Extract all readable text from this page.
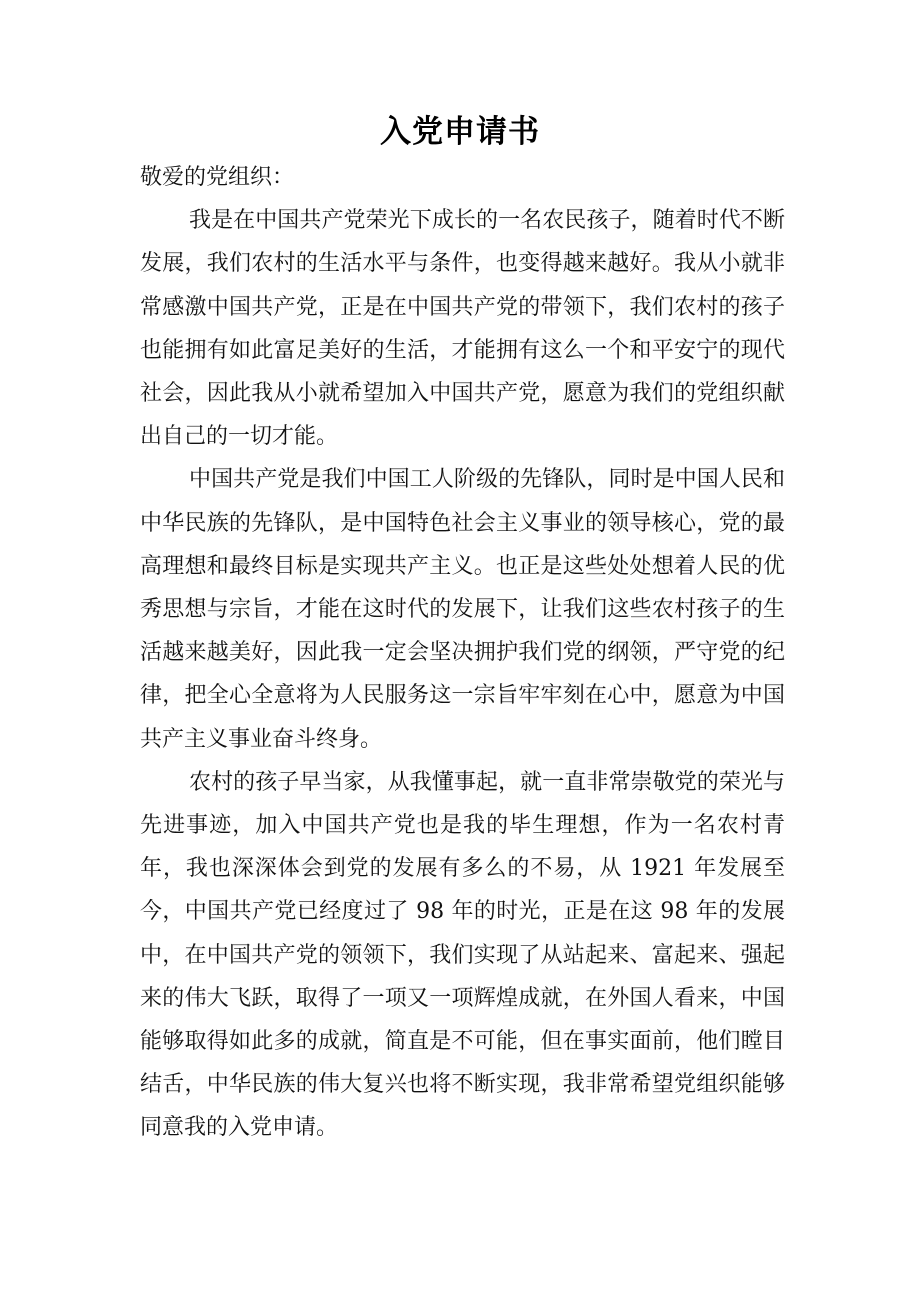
入党申请书

敬爱的党组织：

我是在中国共产党荣光下成长的一名农民孩子，随着时代不断发展，我们农村的生活水平与条件，也变得越来越好。我从小就非常感激中国共产党，正是在中国共产党的带领下，我们农村的孩子也能拥有如此富足美好的生活，才能拥有这么一个和平安宁的现代社会，因此我从小就希望加入中国共产党，愿意为我们的党组织献出自己的一切才能。

中国共产党是我们中国工人阶级的先锋队，同时是中国人民和中华民族的先锋队，是中国特色社会主义事业的领导核心，党的最高理想和最终目标是实现共产主义。也正是这些处处想着人民的优秀思想与宗旨，才能在这时代的发展下，让我们这些农村孩子的生活越来越美好，因此我一定会坚决拥护我们党的纲领，严守党的纪律，把全心全意将为人民服务这一宗旨牢牢刻在心中，愿意为中国共产主义事业奋斗终身。

农村的孩子早当家，从我懂事起，就一直非常崇敬党的荣光与先进事迹，加入中国共产党也是我的毕生理想，作为一名农村青年，我也深深体会到党的发展有多么的不易，从 1921 年发展至今，中国共产党已经度过了 98 年的时光，正是在这 98 年的发展中，在中国共产党的领领下，我们实现了从站起来、富起来、强起来的伟大飞跃，取得了一项又一项辉煌成就，在外国人看来，中国能够取得如此多的成就，简直是不可能，但在事实面前，他们瞠目结舌，中华民族的伟大复兴也将不断实现，我非常希望党组织能够同意我的入党申请。
